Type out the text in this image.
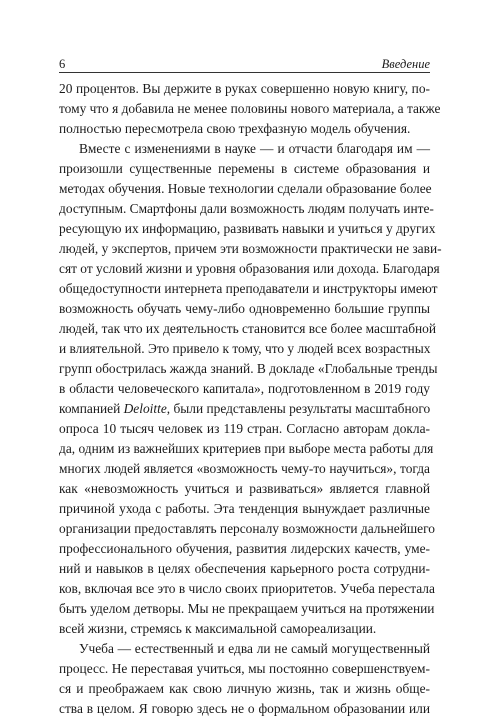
6	Введение
20 процентов. Вы держите в руках совершенно новую книгу, по-
тому что я добавила не менее половины нового материала, а также
полностью пересмотрела свою трехфазную модель обучения.
Вместе с изменениями в науке — и отчасти благодаря им —
произошли существенные перемены в системе образования и
методах обучения. Новые технологии сделали образование более
доступным. Смартфоны дали возможность людям получать инте-
ресующую их информацию, развивать навыки и учиться у других
людей, у экспертов, причем эти возможности практически не зави-
сят от условий жизни и уровня образования или дохода. Благодаря
общедоступности интернета преподаватели и инструкторы имеют
возможность обучать чему-либо одновременно большие группы
людей, так что их деятельность становится все более масштабной
и влиятельной. Это привело к тому, что у людей всех возрастных
групп обострилась жажда знаний. В докладе «Глобальные тренды
в области человеческого капитала», подготовленном в 2019 году
компанией Deloitte, были представлены результаты масштабного
опроса 10 тысяч человек из 119 стран. Согласно авторам докла-
да, одним из важнейших критериев при выборе места работы для
многих людей является «возможность чему-то научиться», тогда
как «невозможность учиться и развиваться» является главной
причиной ухода с работы. Эта тенденция вынуждает различные
организации предоставлять персоналу возможности дальнейшего
профессионального обучения, развития лидерских качеств, уме-
ний и навыков в целях обеспечения карьерного роста сотрудни-
ков, включая все это в число своих приоритетов. Учеба перестала
быть уделом детворы. Мы не прекращаем учиться на протяжении
всей жизни, стремясь к максимальной самореализации.
Учеба — естественный и едва ли не самый могущественный
процесс. Не переставая учиться, мы постоянно совершенствуем-
ся и преображаем как свою личную жизнь, так и жизнь обще-
ства в целом. Я говорю здесь не о формальном образовании или
